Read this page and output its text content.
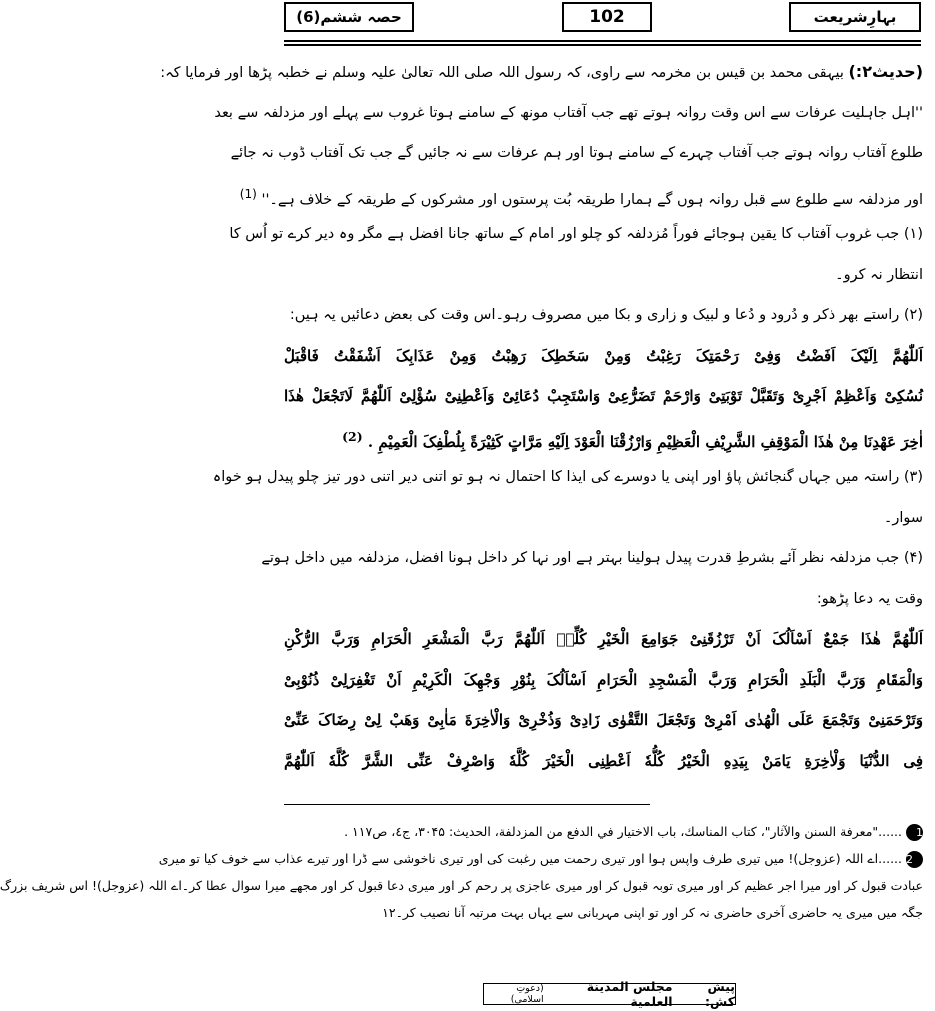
بہارِشریعت
102
حصہ ششم(6)
(حدیث۲:) بیہقی محمد بن قیس بن مخرمہ سے راوی، کہ رسول اللہ صلی اللہ تعالیٰ علیہ وسلم نے خطبہ پڑھا اور فرمایا کہ:
''اہل جاہلیت عرفات سے اس وقت روانہ ہوتے تھے جب آفتاب مونھ کے سامنے ہوتا غروب سے پہلے اور مزدلفہ سے بعد
طلوع آفتاب روانہ ہوتے جب آفتاب چہرے کے سامنے ہوتا اور ہم عرفات سے نہ جائیں گے جب تک آفتاب ڈوب نہ جائے
اور مزدلفہ سے طلوع سے قبل روانہ ہوں گے ہمارا طریقہ بُت پرستوں اور مشرکوں کے طریقہ کے خلاف ہے۔'' $^{(1)}$
(۱) جب غروب آفتاب کا یقین ہوجائے فوراً مُزدلفہ کو چلو اور امام کے ساتھ جانا افضل ہے مگر وہ دیر کرے تو اُس کا
انتظار نہ کرو۔
(۲) راستے بھر ذکر و دُرود و دُعا و لبیک و زاری و بکا میں مصروف رہو۔اس وقت کی بعض دعائیں یہ ہیں:
اَللّٰھُمَّ اِلَیْکَ اَفَضْتُ وَفِیْ رَحْمَتِکَ رَغِبْتُ وَمِنْ سَخَطِکَ رَھِبْتُ وَمِنْ عَذَابِکَ اَشْفَقْتُ فَاقْبَلْ
نُسُکِیْ وَاَعْظِمْ اَجْرِیْ وَتَقَبَّلْ تَوْبَتِیْ وَارْحَمْ تَضَرُّعِیْ وَاسْتَجِبْ دُعَائِیْ وَاَعْطِنِیْ سُؤْلِیْ اَللّٰھُمَّ لَاتَجْعَلْ ھٰذَا
اٰخِرَ عَھْدِنَا مِنْ ھٰذَا الْمَوْقِفِ الشَّرِیْفِ الْعَظِیْمِ وَارْزُقْنَا الْعَوْدَ اِلَیْهِ مَرَّاتٍ کَثِیْرَةً بِلُطْفِکَ الْعَمِیْمِ . $^{(2)}$
(۳) راستہ میں جہاں گنجائش پاؤ اور اپنی یا دوسرے کی ایذا کا احتمال نہ ہو تو اتنی دیر اتنی دور تیز چلو پیدل ہو خواہ
سوار۔
(۴) جب مزدلفہ نظر آئے بشرطِ قدرت پیدل ہولینا بہتر ہے اور نہا کر داخل ہونا افضل، مزدلفہ میں داخل ہوتے
وقت یہ دعا پڑھو:
اَللّٰھُمَّ ھٰذَا جَمْعٌ اَسْاَلُکَ اَنْ تَرْزُقَنِیْ جَوَامِعَ الْخَیْرِ کُلِّهٖ اَللّٰھُمَّ رَبَّ الْمَشْعَرِ الْحَرَامِ وَرَبَّ الرُّکْنِ
وَالْمَقَامِ وَرَبَّ الْبَلَدِ الْحَرَامِ وَرَبَّ الْمَسْجِدِ الْحَرَامِ اَسْاَلُکَ بِنُوْرِ وَجْھِکَ الْکَرِیْمِ اَنْ تَغْفِرَلِیْ ذُنُوْبِیْ
وَتَرْحَمَنِیْ وَتَجْمَعَ عَلَی الْھُدٰی اَمْرِیْ وَتَجْعَلَ التَّقْوٰی زَادِیْ وَذُخْرِیْ وَالْاٰخِرَةَ مَاٰبِیْ وَھَبْ لِیْ رِضَاکَ عَنِّیْ
فِی الدُّنْیَا وَلْاٰخِرَةِ یَامَنْ بِیَدِهِ الْخَیْرُ کُلُّهٗ اَعْطِنِی الْخَیْرَ کُلَّهٗ وَاصْرِفْ عَنِّی الشَّرَّ کُلَّهٗ اَللّٰھُمَّ
1......"معرفة السنن والآثار"، كتاب المناسك، باب الاختيار في الدفع من المزدلفة، الحديث: ۳۰۴۵، ج٤، ص١١٧ .
2......اے اللہ (عزوجل)! میں تیری طرف واپس ہوا اور تیری رحمت میں رغبت کی اور تیری ناخوشی سے ڈرا اور تیرے عذاب سے خوف کیا تو میری
عبادت قبول کر اور میرا اجر عظیم کر اور میری توبہ قبول کر اور میری عاجزی پر رحم کر اور میری دعا قبول کر اور مجھے میرا سوال عطا کر۔اے اللہ (عزوجل)! اس شریف بزرگ
جگہ میں میری یہ حاضری آخری حاضری نہ کر اور تو اپنی مہربانی سے یہاں بہت مرتبہ آنا نصیب کر۔۱۲
پیش کش:

مجلس المدینة العلمیة

(دعوتِ اسلامی)
